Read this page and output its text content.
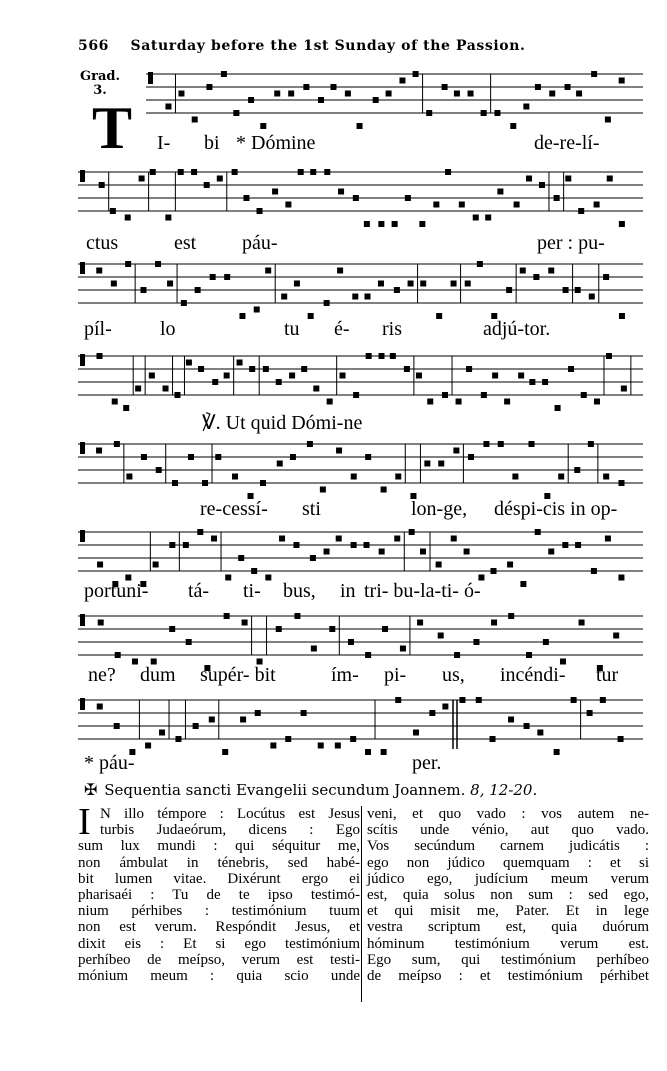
566 Saturday before the 1st Sunday of the Passion.
Grad.
3.
T I- bi * Dómine	de-re-lí-
ctus	est páu-	per : pu-
píl- lo	tu é- ris	adjú-tor.
℣. Ut quid Dómi-ne
re-cessí- sti	lon-ge, déspi-cis in op-
portuni- tá- ti- bus, in tri- bu-la-ti- ó-
ne? dum supér- bit	ím- pi- us, incéndi- tur
* páu-	per.
✠ Sequentia sancti Evangelii secundum Joannem. 8, 12-20.
I N illo témpore : Locútus est Jesus
turbis Judaeórum, dicens : Ego
sum lux mundi : qui séquitur me,
non ámbulat in ténebris, sed habé-
bit lumen vitae. Dixérunt ergo ei
pharisaéi : Tu de te ipso testimó-
nium pérhibes : testimónium tuum
non est verum. Respóndit Jesus, et
dixit eis : Et si ego testimónium
perhíbeo de meípso, verum est testi-
mónium meum : quia scio unde
veni, et quo vado : vos autem ne-
scítis unde vénio, aut quo vado.
Vos secúndum carnem judicátis :
ego non júdico quemquam : et si
júdico ego, judícium meum verum
est, quia solus non sum : sed ego,
et qui misit me, Pater. Et in lege
vestra scriptum est, quia duórum
hóminum testimónium verum est.
Ego sum, qui testimónium perhíbeo
de meípso : et testimónium pérhibet
